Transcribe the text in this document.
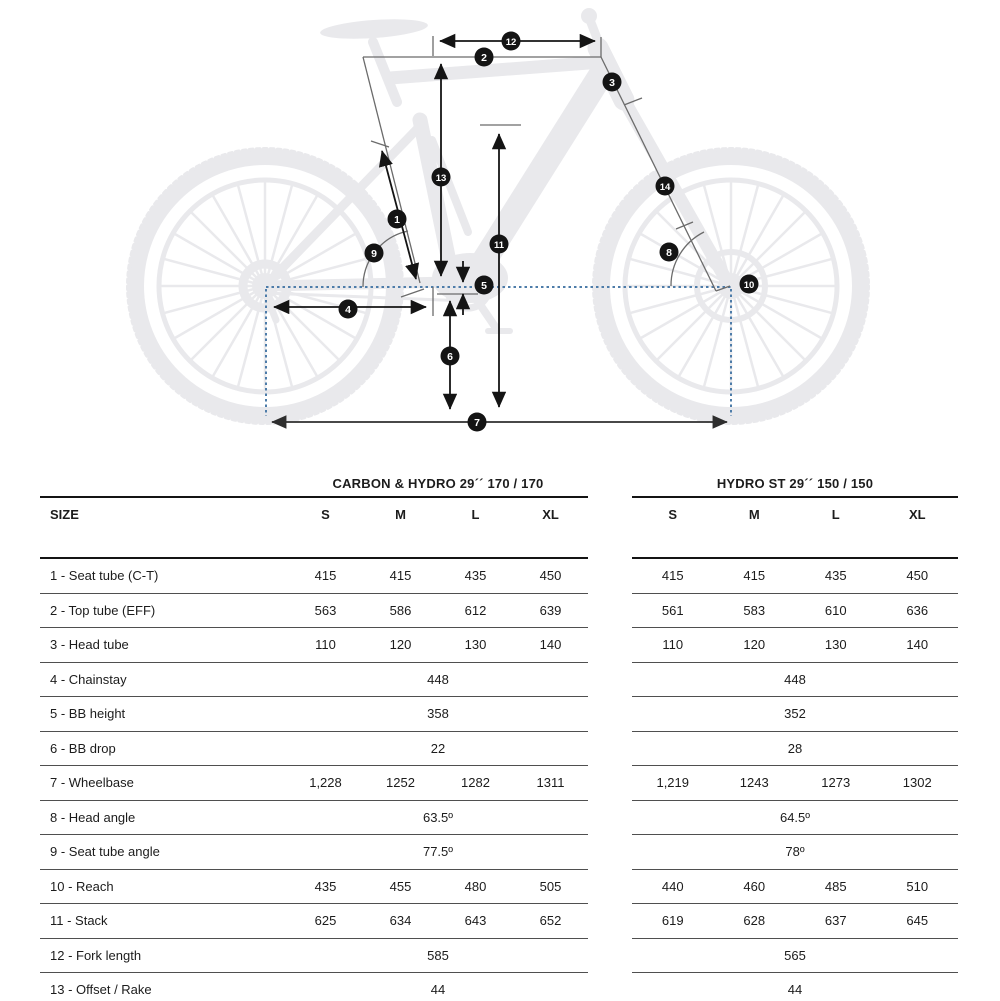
1
2
3
4
5
6
7
8
9
10
11
12
13
14
CARBON & HYDRO 29´´ 170 / 170
SIZE	S	M	L	XL
1 - Seat tube (C-T)	415	415	435	450
2 - Top tube (EFF)	563	586	612	639
3 - Head tube	110	120	130	140
4 - Chainstay	448
5 - BB height	358
6 - BB drop	22
7 - Wheelbase	1,228	1252	1282	1311
8 - Head angle	63.5º
9 - Seat tube angle	77.5º
10 - Reach	435	455	480	505
11 - Stack	625	634	643	652
12 - Fork length	585
13 - Offset / Rake	44
HYDRO ST 29´´ 150 / 150
S	M	L	XL
415	415	435	450
561	583	610	636
110	120	130	140
448
352
28
1,219	1243	1273	1302
64.5º
78º
440	460	485	510
619	628	637	645
565
44
